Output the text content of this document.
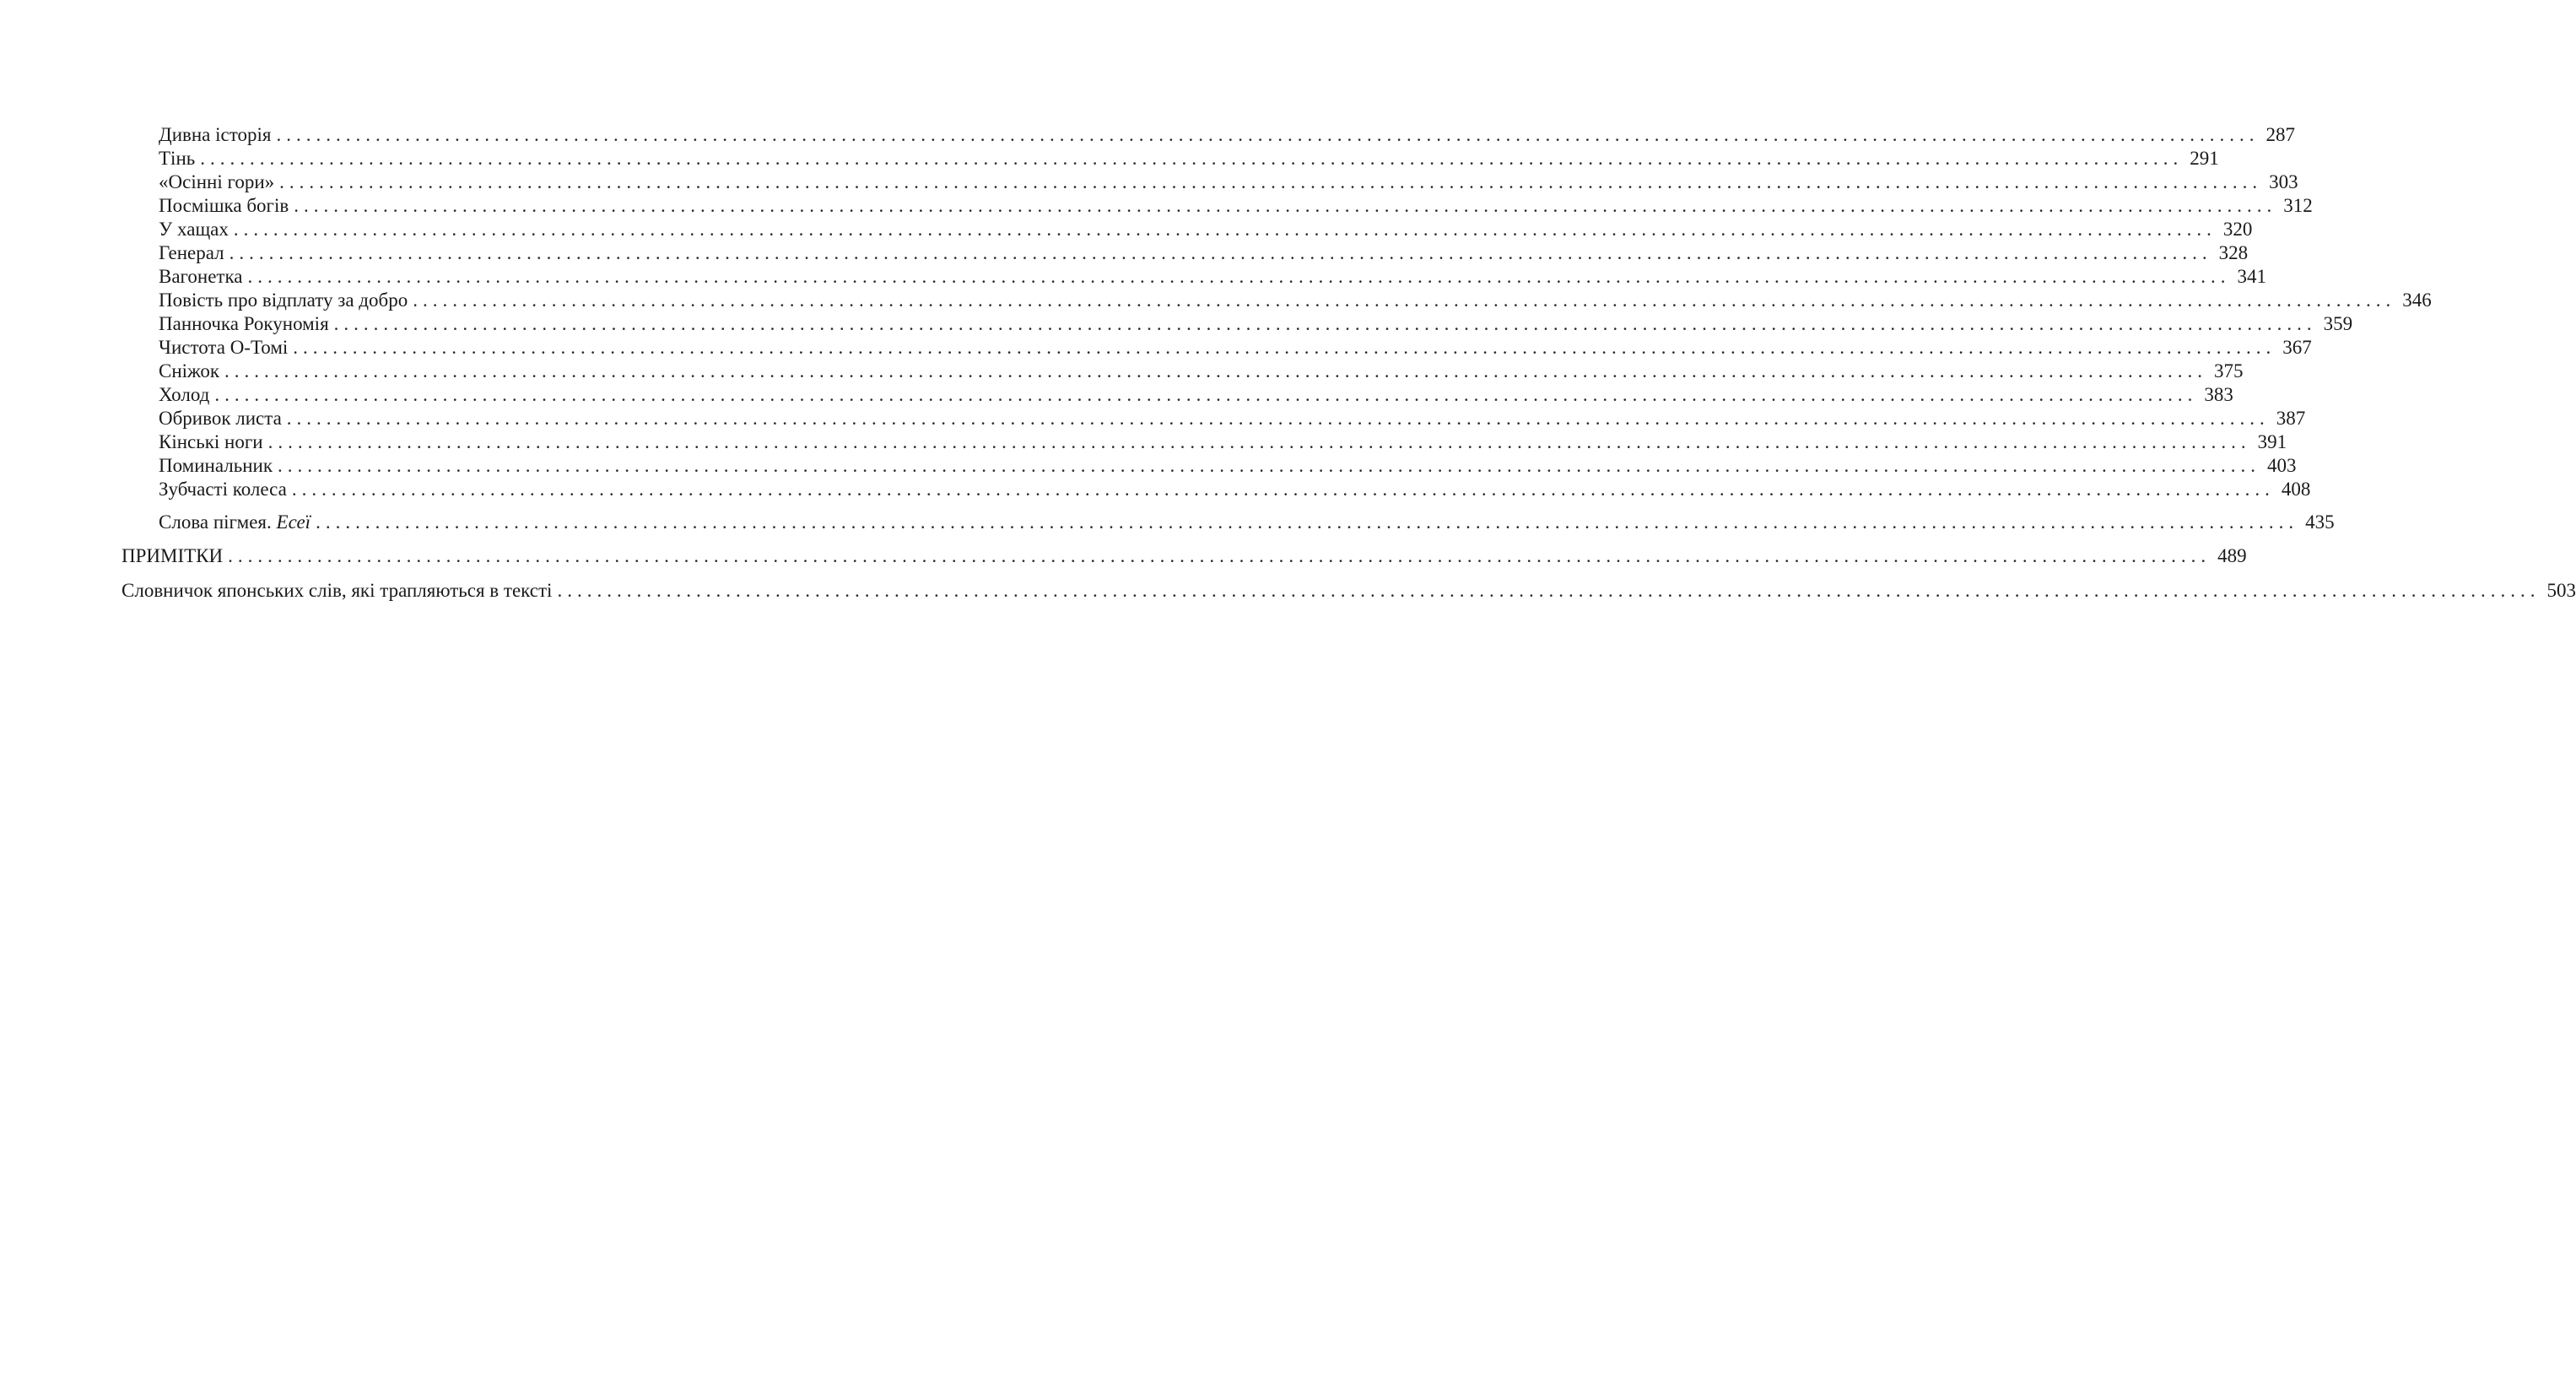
Дивна історія ........................................................................................................................................................................................................ 287
Тінь ........................................................................................................................................................................................................ 291
«Осінні гори» ........................................................................................................................................................................................................ 303
Посмішка богів ........................................................................................................................................................................................................ 312
У хащах ........................................................................................................................................................................................................ 320
Генерал ........................................................................................................................................................................................................ 328
Вагонетка ........................................................................................................................................................................................................ 341
Повість про відплату за добро ........................................................................................................................................................................................................ 346
Панночка Рокуномія ........................................................................................................................................................................................................ 359
Чистота О-Томі ........................................................................................................................................................................................................ 367
Сніжок ........................................................................................................................................................................................................ 375
Холод ........................................................................................................................................................................................................ 383
Обривок листа ........................................................................................................................................................................................................ 387
Кінські ноги ........................................................................................................................................................................................................ 391
Поминальник ........................................................................................................................................................................................................ 403
Зубчасті колеса ........................................................................................................................................................................................................ 408
Слова пігмея. Есеї ........................................................................................................................................................................................................ 435
ПРИМІТКИ ........................................................................................................................................................................................................ 489
Словничок японських слів, які трапляються в тексті ........................................................................................................................................................................................................ 503
